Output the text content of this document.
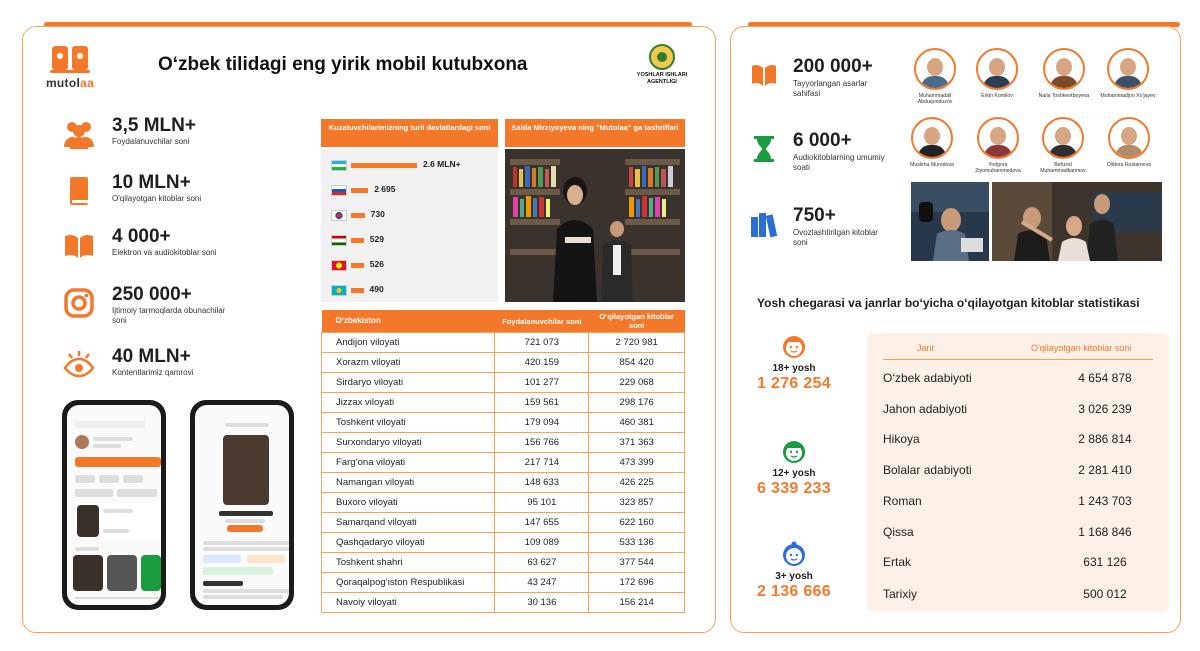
mutolaa
O‘zbek tilidagi eng yirik mobil kutubxona	YOSHLAR ISHLARI AGENTLIGI
3,5 MLN+
Foydalanuvchilar soni
10 MLN+
O'qilayotgan kitoblar soni
4 000+
Elektron va audiokitoblar soni
250 000+
Ijtimoiy tarmoqlarda obunachilar soni
40 MLN+
Kontentlarimiz qamrovi
Kuzatuvchilarimizning turli davlatlardagi soni
2.6 MLN+
2 695
730
529
526
490
Saida Mirziyoyeva ning "Mutolaa" ga tashriflari
O‘zbekiston	Foydalanuvchilar soni	O‘qilayotgan kitoblar soni
Andijon viloyati	721 073	2 720 981
Xorazm viloyati	420 159	854 420
Sirdaryo viloyati	101 277	229 068
Jizzax viloyati	159 561	298 176
Toshkent viloyati	179 094	460 381
Surxondaryo viloyati	156 766	371 363
Farg‘ona viloyati	217 714	473 399
Namangan viloyati	148 633	426 225
Buxoro viloyati	95 101	323 857
Samarqand viloyati	147 655	622 160
Qashqadaryo viloyati	109 089	533 136
Toshkent shahri	63 627	377 544
Qoraqalpog‘iston Respublikasi	43 247	172 696
Navoiy viloyati	30 136	156 214
200 000+
Tayyorlangan asarlar sahifasi
6 000+
Audiokitoblarning umumiy soati
750+
Ovozlashtirilgan kitoblar soni
Muhammadali Abduqunduzov
Erkin Komilov	Naila Toshkentboyeva	Muhammadjon Xo'jayev
Muslima Murodova	Yodgora Ziyomuhammedova
Behzod Muhammadkarimov
Dildora Rustamova
Yosh chegarasi va janrlar bo‘yicha o‘qilayotgan kitoblar statistikasi
18+ yosh
1 276 254
12+ yosh
6 339 233
3+ yosh
2 136 666
Janr	O'qilayotgan kitoblar soni
O‘zbek adabiyoti	4 654 878
Jahon adabiyoti	3 026 239
Hikoya	2 886 814
Bolalar adabiyoti	2 281 410
Roman	1 243 703
Qissa	1 168 846
Ertak	631 126
Tarixiy	500 012
